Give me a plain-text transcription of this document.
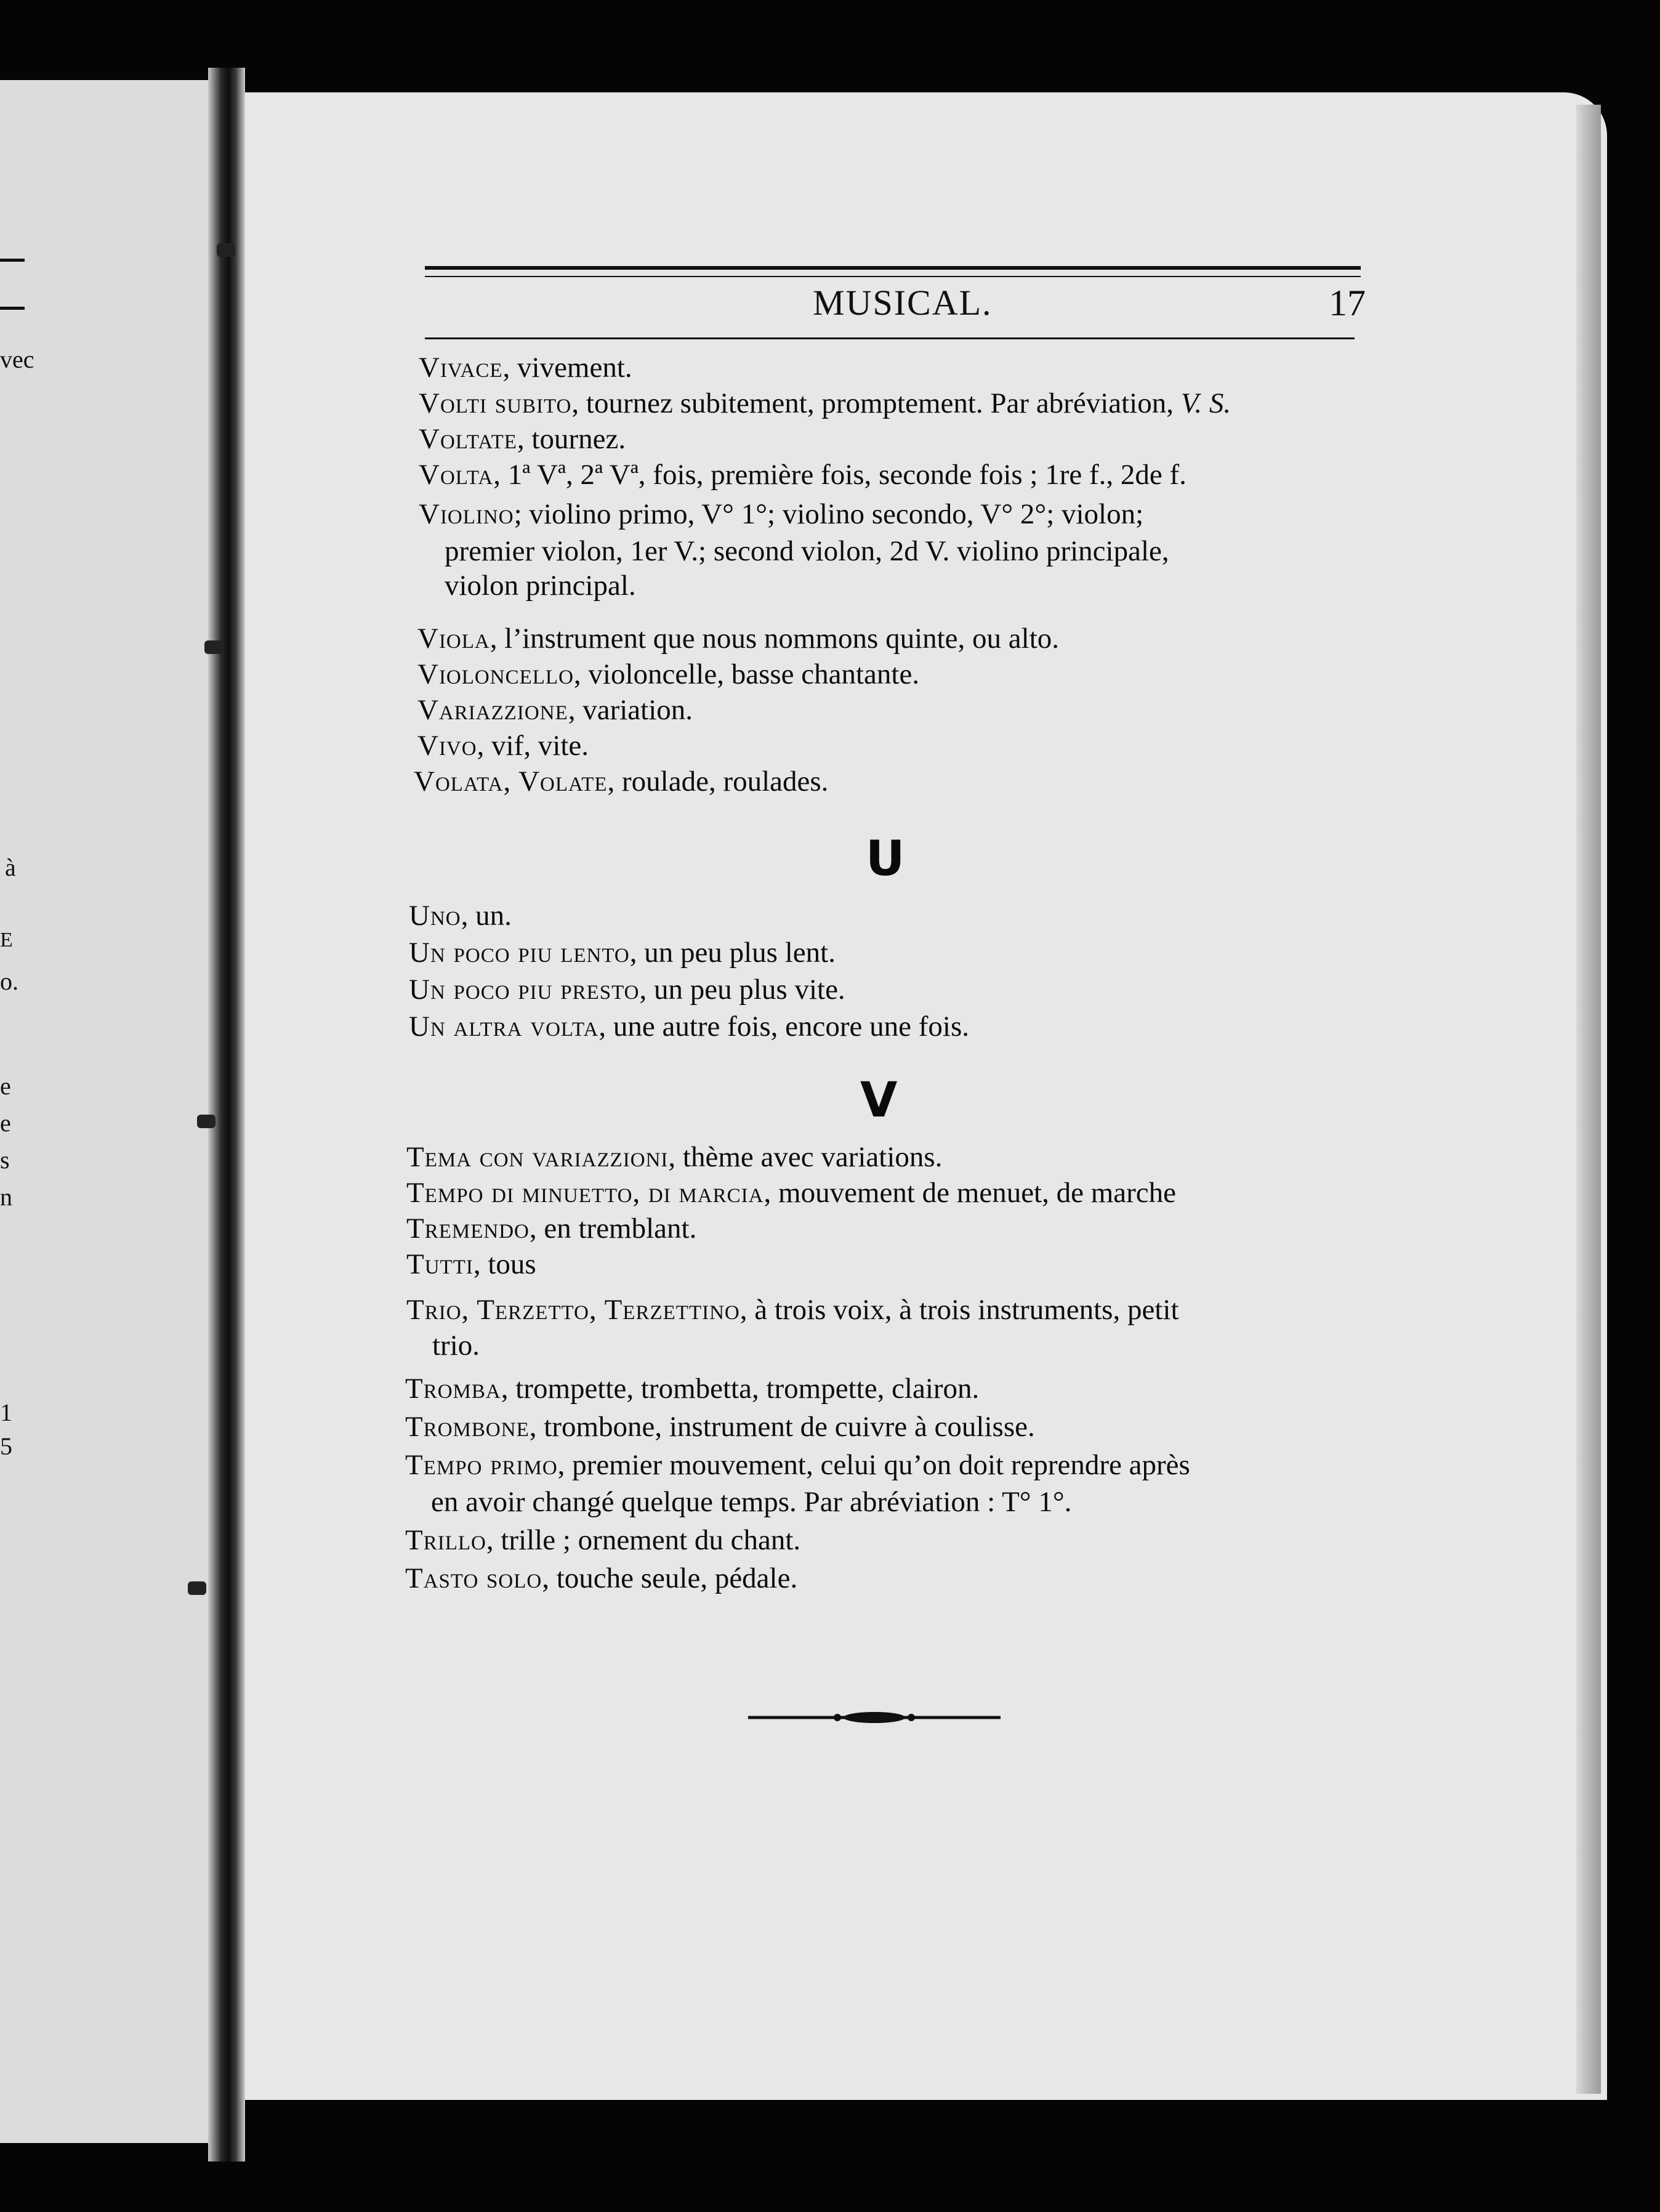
vec
à
E
o.
e
e
s
n
1
5
MUSICAL.	17
Vivace, vivement.
Volti subito, tournez subitement, promptement. Par abréviation, V. S.
Voltate, tournez.
Volta, 1ª Vª, 2ª Vª, fois, première fois, seconde fois ; 1re f., 2de f.
Violino; violino primo, V° 1°; violino secondo, V° 2°; violon;
premier violon, 1er V.; second violon, 2d V. violino principale,
violon principal.
Viola, l’instrument que nous nommons quinte, ou alto.
Violoncello, violoncelle, basse chantante.
Variazzione, variation.
Vivo, vif, vite.
Volata, Volate, roulade, roulades.
Uno, un.
Un poco piu lento, un peu plus lent.
Un poco piu presto, un peu plus vite.
Un altra volta, une autre fois, encore une fois.
Tema con variazzioni, thème avec variations.
Tempo di minuetto, di marcia, mouvement de menuet, de marche
Tremendo, en tremblant.
Tutti, tous
Trio, Terzetto, Terzettino, à trois voix, à trois instruments, petit
trio.
Tromba, trompette, trombetta, trompette, clairon.
Trombone, trombone, instrument de cuivre à coulisse.
Tempo primo, premier mouvement, celui qu’on doit reprendre après
en avoir changé quelque temps. Par abréviation : T° 1°.
Trillo, trille ; ornement du chant.
Tasto solo, touche seule, pédale.
U
V
